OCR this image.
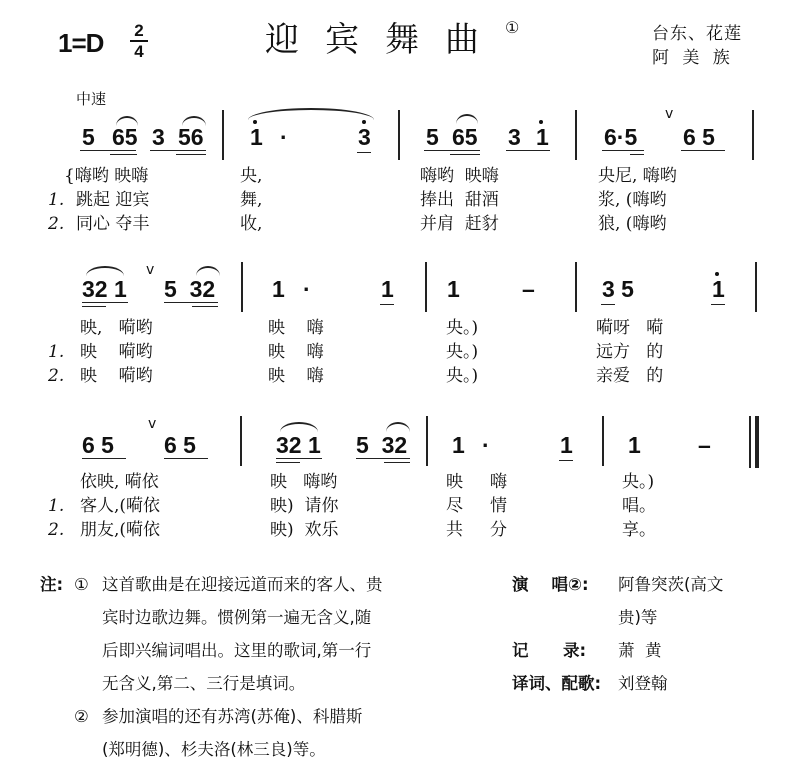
1=D 2
4	迎宾舞曲①	台东、花莲
阿 美 族
中速
5 65 3 56 1 ·	3 5 65 3 1
v
6·5 6 5
{嗨哟 映嗨	央,	嗨哟  映嗨	央尼, 嗨哟
1. 跳起 迎宾	舞,	捧出  甜酒	浆, (嗨哟
2. 同心 夺丰	收,	并肩  赶豺	狼, (嗨哟
v
32 1 5  32 1 ·	1 1	–	3 5	1
映,   嗬哟	映    嗨	央。)	嗬呀   嗬
1. 映    嗬哟	映    嗨	央。)	远方   的
2. 映    嗬哟	映    嗨	央。)	亲爱   的
v
6 5 6 5	32 1 5  32 1 ·	1 1 –
依映, 嗬依	映   嗨哟	映     嗨	央。)
1. 客人,(嗬依	映)  请你	尽     情	唱。
2. 朋友,(嗬依	映)  欢乐	共     分	享。
注: ① 这首歌曲是在迎接远道而来的客人、贵
宾时边歌边舞。惯例第一遍无含义,随
后即兴编词唱出。这里的歌词,第一行
无含义,第二、三行是填词。
② 参加演唱的还有苏湾(苏俺)、科腊斯
(郑明德)、杉夫洛(林三良)等。
演    唱②: 阿鲁突茨(高文
贵)等
记      录: 萧  黄
译词、配歌: 刘登翰
